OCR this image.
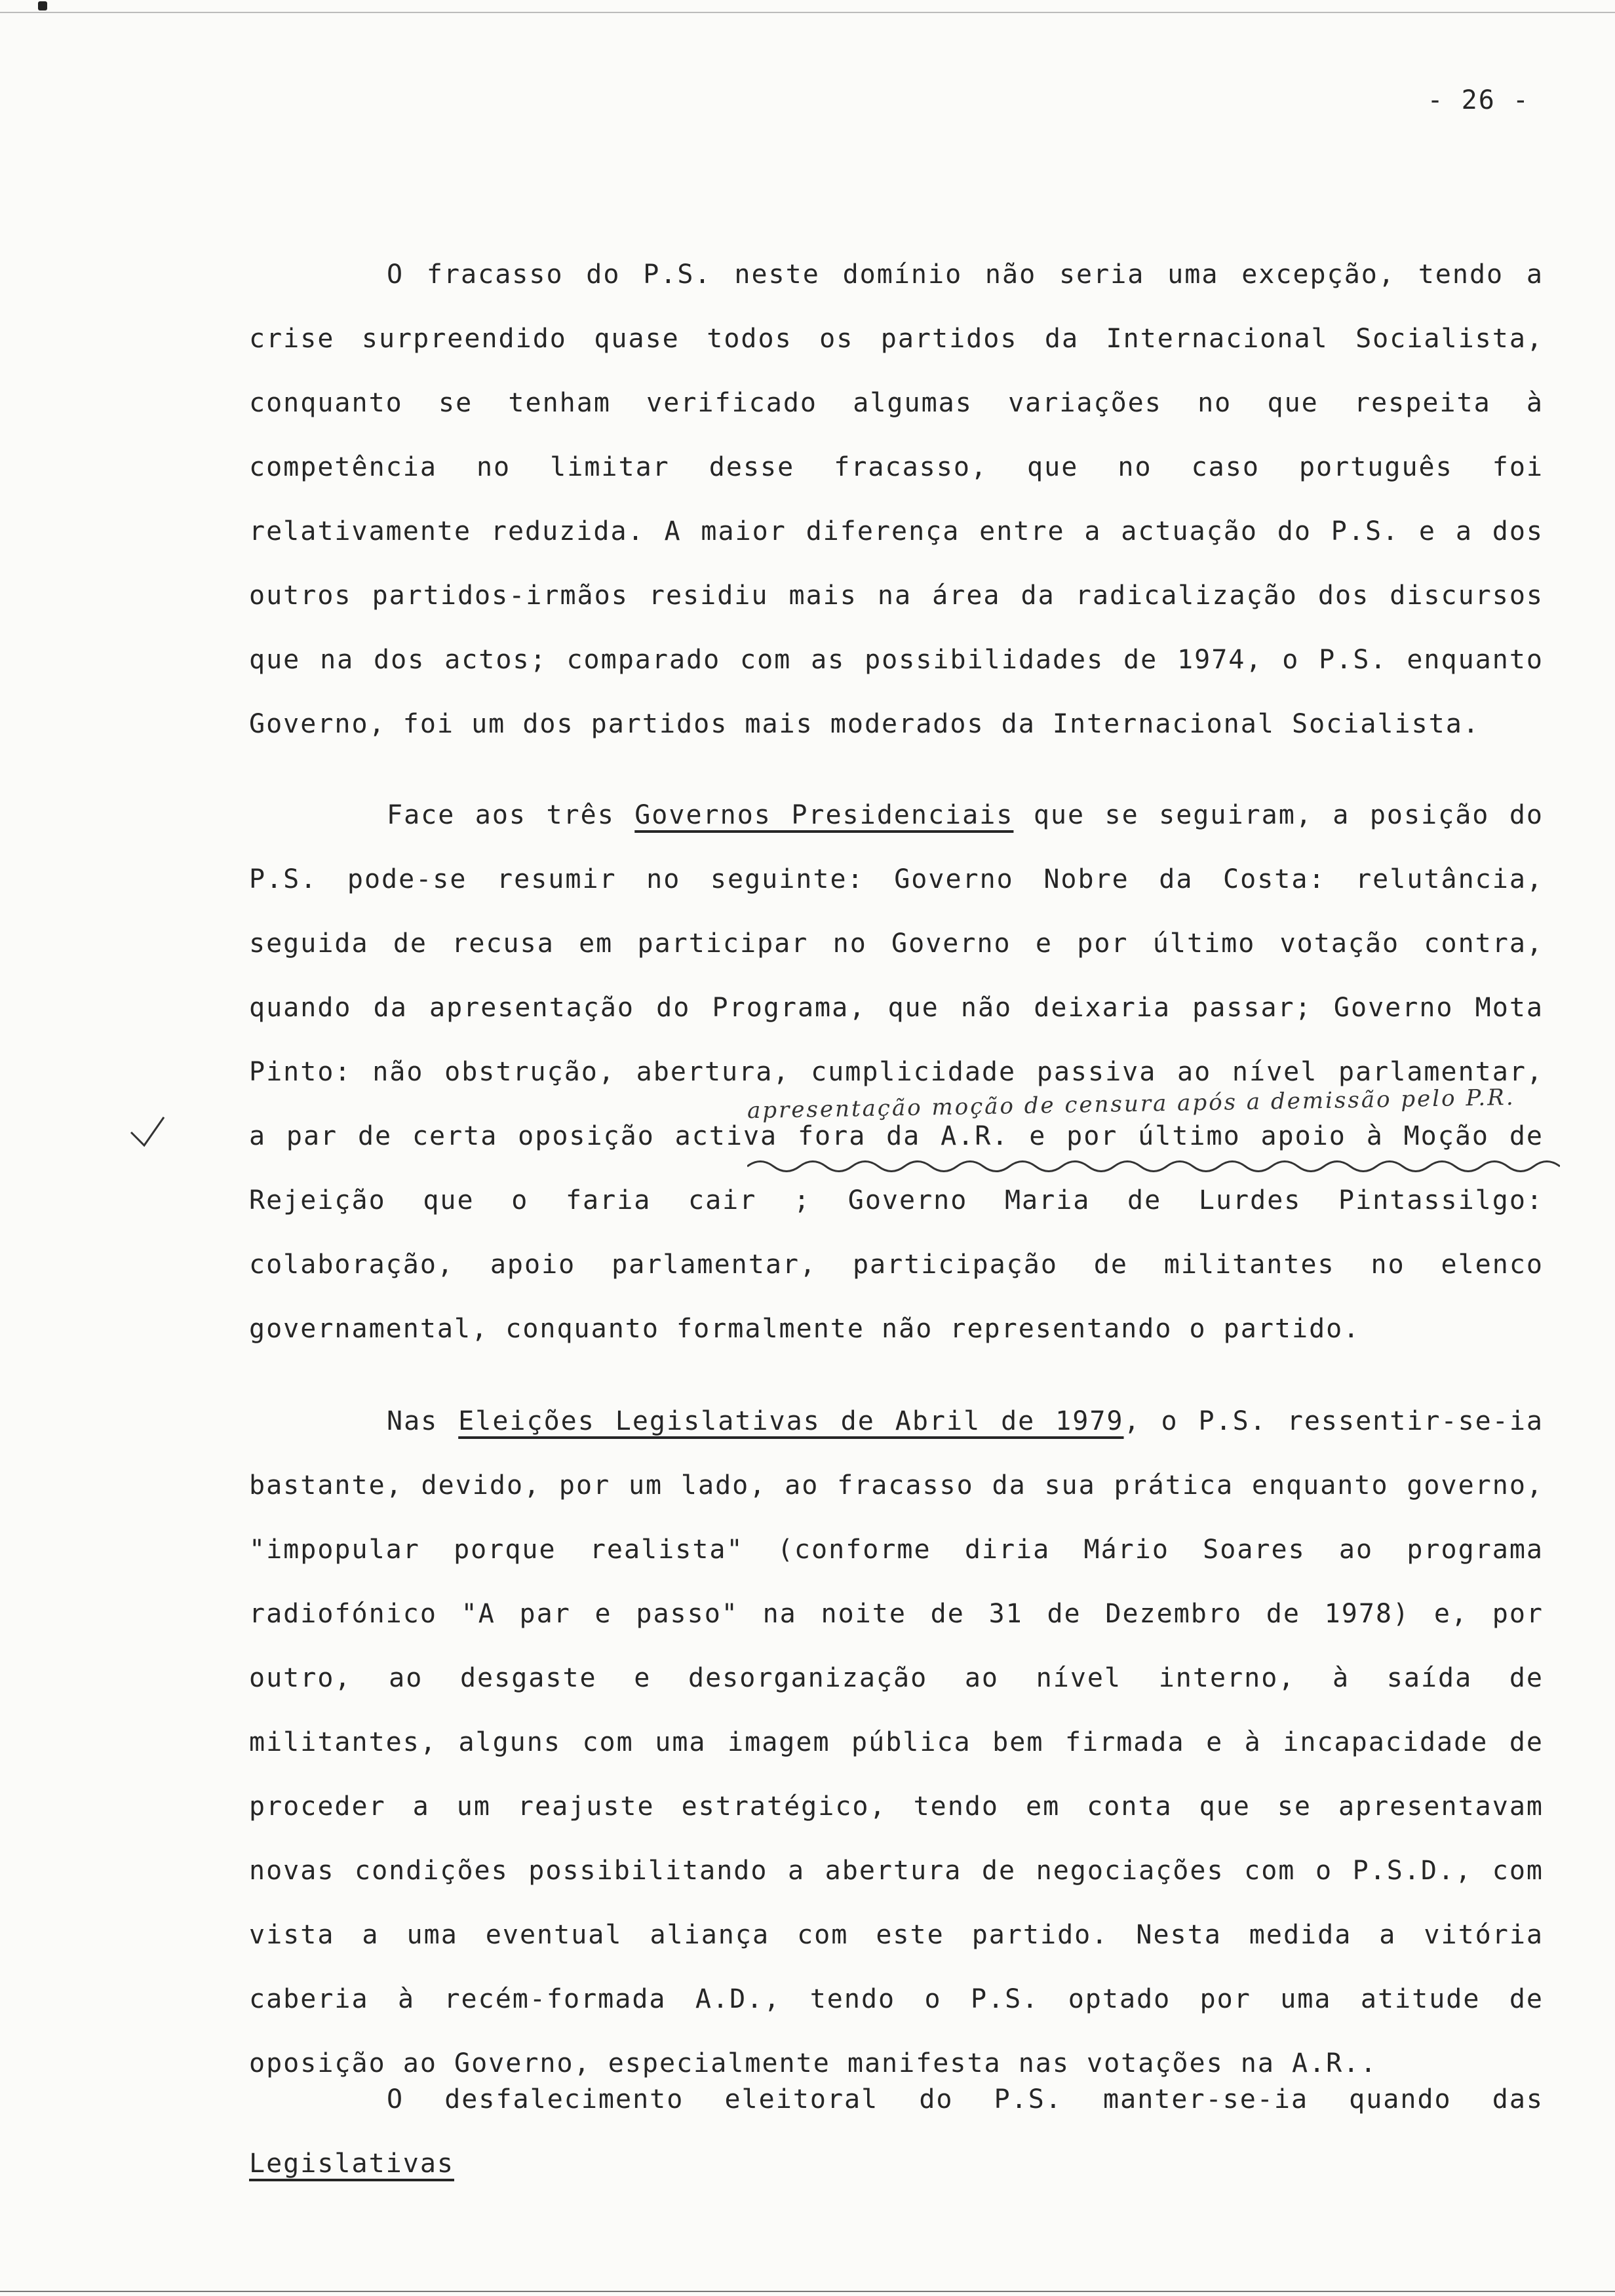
- 26 -

O fracasso do P.S. neste domínio não seria uma excepção, tendo a crise surpreendido quase todos os partidos da Internacional Socialista, conquanto se tenham verificado algumas variações no que respeita à competência no limitar desse fracasso, que no caso português foi relativamente reduzida. A maior diferença entre a actuação do P.S. e a dos outros partidos-irmãos residiu mais na área da radicalização dos discursos que na dos actos; comparado com as possibilidades de 1974, o P.S. enquanto Governo, foi um dos partidos mais moderados da Internacional Socialista.

Face aos três Governos Presidenciais que se seguiram, a posição do P.S. pode-se resumir no seguinte: Governo Nobre da Costa: relutância, seguida de recusa em participar no Governo e por último votação contra, quando da apresentação do Programa, que não deixaria passar; Governo Mota Pinto: não obstrução, abertura, cumplicidade passiva ao nível parlamentar, a par de certa oposição activa fora da A.R. e por último apoio à Moção de Rejeição que o faria cair ; Governo Maria de Lurdes Pintassilgo: colaboração, apoio parlamentar, participação de militantes no elenco governamental, conquanto formalmente não representando o partido.

apresentação moção de censura após a demissão pelo P.R.

Nas Eleições Legislativas de Abril de 1979, o P.S. ressentir-se-ia bastante, devido, por um lado, ao fracasso da sua prática enquanto governo, "impopular porque realista" (conforme diria Mário Soares ao programa radiofónico "A par e passo" na noite de 31 de Dezembro de 1978) e, por outro, ao desgaste e desorganização ao nível interno, à saída de militantes, alguns com uma imagem pública bem firmada e à incapacidade de proceder a um reajuste estratégico, tendo em conta que se apresentavam novas condições possibilitando a abertura de negociações com o P.S.D., com vista a uma eventual aliança com este partido. Nesta medida a vitória caberia à recém-formada A.D., tendo o P.S. optado por uma atitude de oposição ao Governo, especialmente manifesta nas votações na A.R..

O desfalecimento eleitoral do P.S. manter-se-ia quando das Legislativas
